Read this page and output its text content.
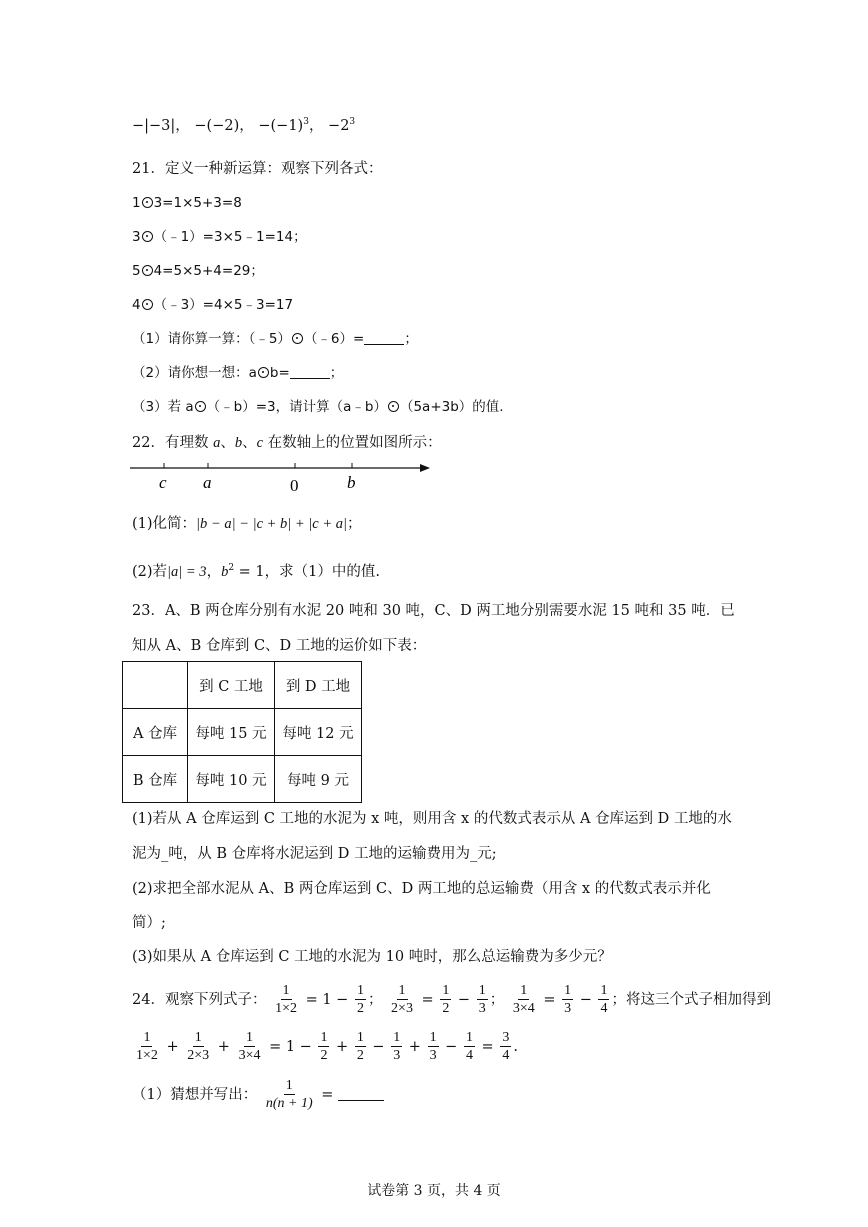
−|−3|， −(−2)， $-(-1)^3$， $-2^3$
21．定义一种新运算：观察下列各式：
1 3=1×5+3=8
3 （﹣1）=3×5﹣1=14；
5 4=5×5+4=29；
4 （﹣3）=4×5﹣3=17
（1）请你算一算：（﹣5） （﹣6）=	；
（2）请你想一想：a b=	；
（3）若 a （﹣b）=3，请计算（a﹣b） （5a+3b）的值.
22．有理数 a、b、c 在数轴上的位置如图所示：
c a	0	b
(1)化简：|b − a| − |c + b| + |c + a|；
(2)若|a| = 3，$b^2 = 1$，求（1）中的值.
23．A、B 两仓库分别有水泥 20 吨和 30 吨，C、D 两工地分别需要水泥 15 吨和 35 吨．已
知从 A、B 仓库到 C、D 工地的运价如下表：
	到 C 工地	到 D 工地
A 仓库	每吨 15 元	每吨 12 元
B 仓库	每吨 10 元	每吨 9 元
(1)若从 A 仓库运到 C 工地的水泥为 x 吨，则用含 x 的代数式表示从 A 仓库运到 D 工地的水
泥为_吨，从 B 仓库将水泥运到 D 工地的运输费用为_元;
(2)求把全部水泥从 A、B 两仓库运到 C、D 两工地的总运输费（用含 x 的代数式表示并化
简）;
(3)如果从 A 仓库运到 C 工地的水泥为 10 吨时，那么总运输费为多少元？
24．观察下列式子： $\frac{1}{1\times 2} = 1 - \frac{1}{2}$ ； $\frac{1}{2\times 3} = \frac{1}{2} - \frac{1}{3}$ ； $\frac{1}{3\times 4} = \frac{1}{3} - \frac{1}{4}$ ；将这三个式子相加得到
$\frac{1}{1\times 2} + \frac{1}{2\times 3} + \frac{1}{3\times 4} = 1 - \frac{1}{2} + \frac{1}{2} - \frac{1}{3} + \frac{1}{3} - \frac{1}{4} = \frac{3}{4}$ .
（1）猜想并写出： $\frac{1}{n(n + 1)}$ =
试卷第 3 页，共 4 页
